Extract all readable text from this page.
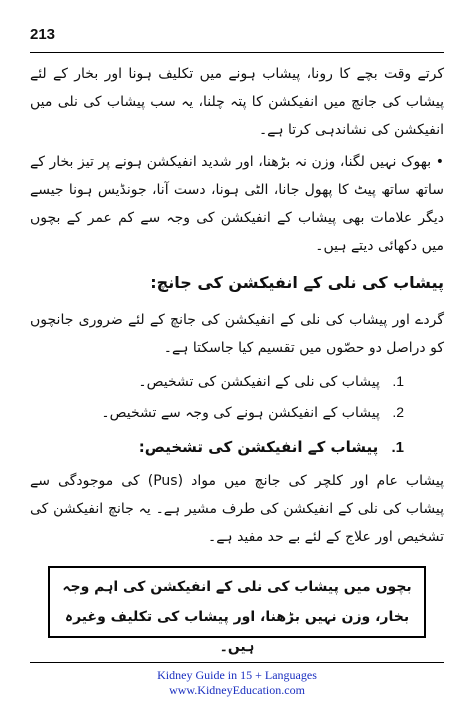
213

کرتے وقت بچے کا رونا، پیشاب ہونے میں تکلیف ہونا اور بخار کے لئے پیشاب کی جانچ میں انفیکشن کا پتہ چلنا، یہ سب پیشاب کی نلی میں انفیکشن کی نشاندہی کرتا ہے۔

• بھوک نہیں لگنا، وزن نہ بڑھنا، اور شدید انفیکشن ہونے پر تیز بخار کے ساتھ ساتھ پیٹ کا پھول جانا، الٹی ہونا، دست آنا، جونڈیس ہونا جیسے دیگر علامات بھی پیشاب کے انفیکشن کی وجہ سے کم عمر کے بچوں میں دکھائی دیتے ہیں۔

پیشاب کی نلی کے انفیکشن کی جانچ:

گردے اور پیشاب کی نلی کے انفیکشن کی جانچ کے لئے ضروری جانچوں کو دراصل دو حصّوں میں تقسیم کیا جاسکتا ہے۔

1. پیشاب کی نلی کے انفیکشن کی تشخیص۔

2. پیشاب کے انفیکشن ہونے کی وجہ سے تشخیص۔

1. پیشاب کے انفیکشن کی تشخیص:

پیشاب عام اور کلچر کی جانچ میں مواد (Pus) کی موجودگی سے پیشاب کی نلی کے انفیکشن کی طرف مشیر ہے۔ یہ جانچ انفیکشن کی تشخیص اور علاج کے لئے بے حد مفید ہے۔

بچوں میں پیشاب کی نلی کے انفیکشن کی اہم وجہ بخار، وزن نہیں بڑھنا، اور پیشاب کی تکلیف وغیرہ ہیں۔

Kidney Guide in 15 + Languages
www.KidneyEducation.com
